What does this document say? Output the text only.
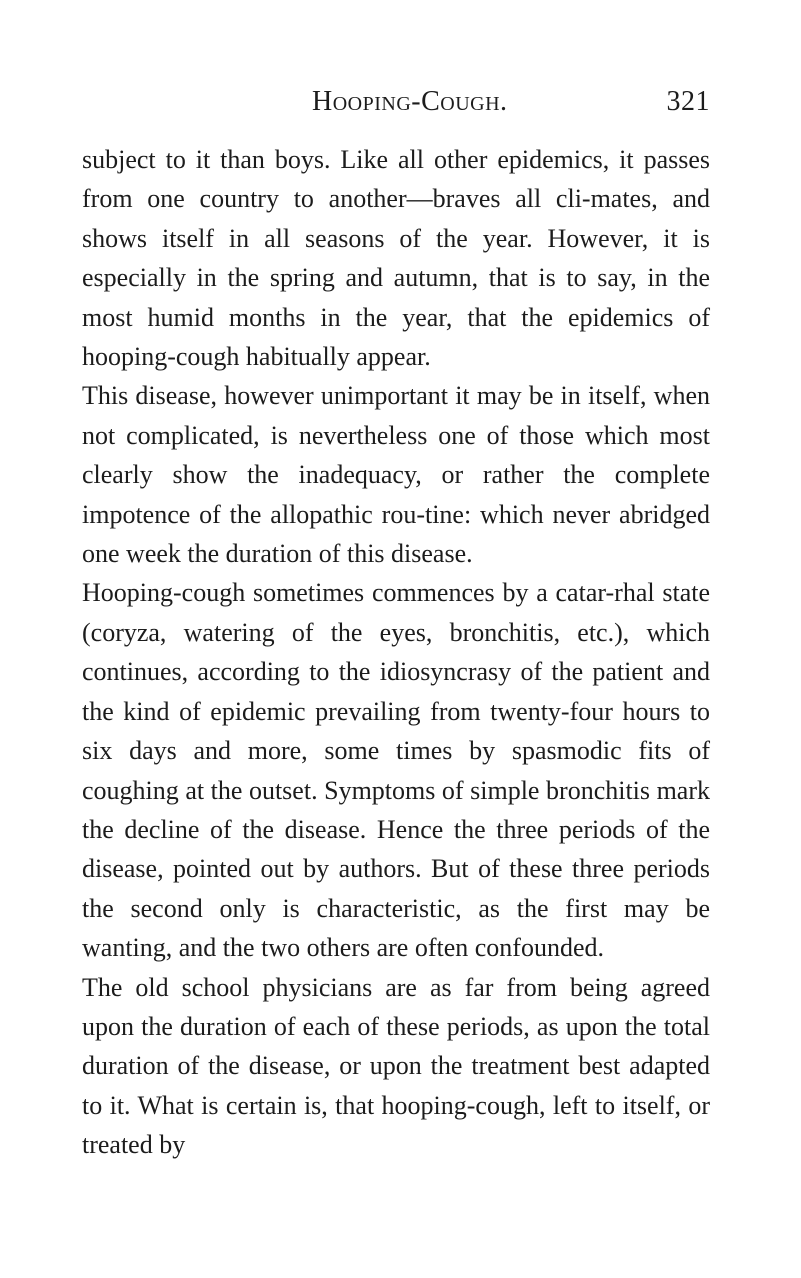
Hooping-Cough.	321

subject to it than boys. Like all other epidemics, it passes from one country to another—braves all cli-mates, and shows itself in all seasons of the year. However, it is especially in the spring and autumn, that is to say, in the most humid months in the year, that the epidemics of hooping-cough habitually appear.

This disease, however unimportant it may be in itself, when not complicated, is nevertheless one of those which most clearly show the inadequacy, or rather the complete impotence of the allopathic rou-tine: which never abridged one week the duration of this disease.

Hooping-cough sometimes commences by a catar-rhal state (coryza, watering of the eyes, bronchitis, etc.), which continues, according to the idiosyncrasy of the patient and the kind of epidemic prevailing from twenty-four hours to six days and more, some times by spasmodic fits of coughing at the outset. Symptoms of simple bronchitis mark the decline of the disease. Hence the three periods of the disease, pointed out by authors. But of these three periods the second only is characteristic, as the first may be wanting, and the two others are often confounded.

The old school physicians are as far from being agreed upon the duration of each of these periods, as upon the total duration of the disease, or upon the treatment best adapted to it. What is certain is, that hooping-cough, left to itself, or treated by
